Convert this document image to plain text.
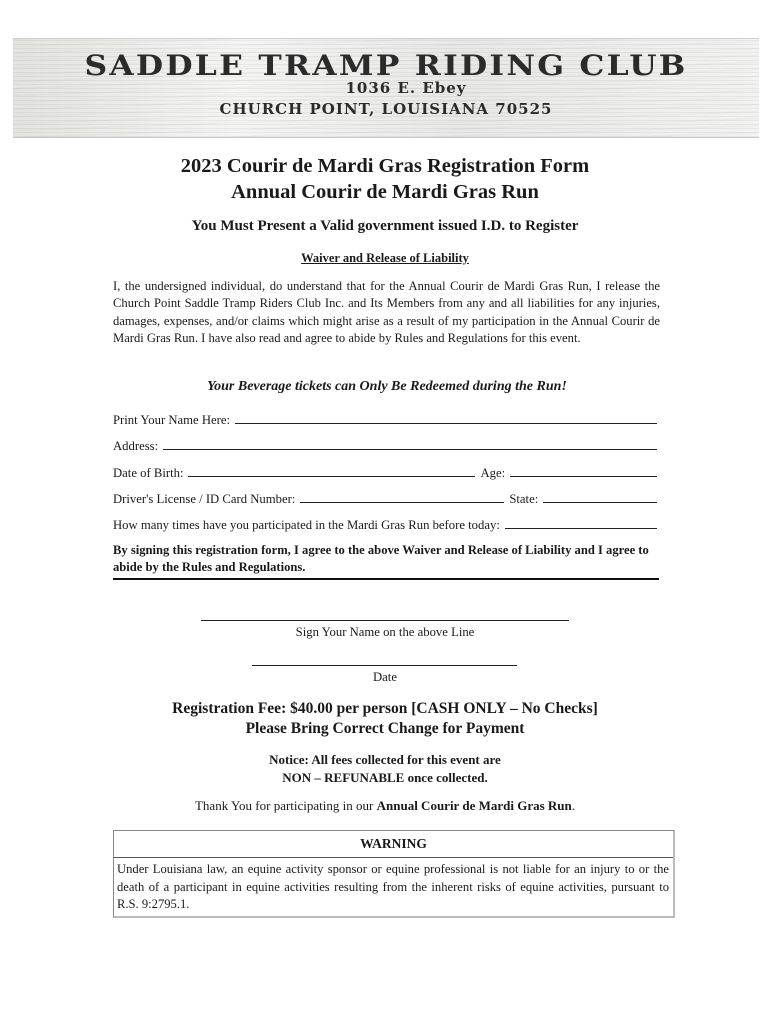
SADDLE TRAMP RIDING CLUB
1036 E. Ebey
CHURCH POINT, LOUISIANA 70525
2023 Courir de Mardi Gras Registration Form
Annual Courir de Mardi Gras Run
You Must Present a Valid government issued I.D. to Register
Waiver and Release of Liability

I, the undersigned individual, do understand that for the Annual Courir de Mardi Gras Run, I release the Church Point Saddle Tramp Riders Club Inc. and Its Members from any and all liabilities for any injuries, damages, expenses, and/or claims which might arise as a result of my participation in the Annual Courir de Mardi Gras Run. I have also read and agree to abide by Rules and Regulations for this event.

Your Beverage tickets can Only Be Redeemed during the Run!
Print Your Name Here:
Address:
Date of Birth:	Age:
Driver's License / ID Card Number:	State:
How many times have you participated in the Mardi Gras Run before today:

By signing this registration form, I agree to the above Waiver and Release of Liability and I agree to abide by the Rules and Regulations.

Sign Your Name on the above Line
Date
Registration Fee: $40.00 per person [CASH ONLY – No Checks]
Please Bring Correct Change for Payment
Notice: All fees collected for this event are
NON – REFUNABLE once collected.
Thank You for participating in our Annual Courir de Mardi Gras Run.
WARNING

Under Louisiana law, an equine activity sponsor or equine professional is not liable for an injury to or the death of a participant in equine activities resulting from the inherent risks of equine activities, pursuant to R.S. 9:2795.1.
